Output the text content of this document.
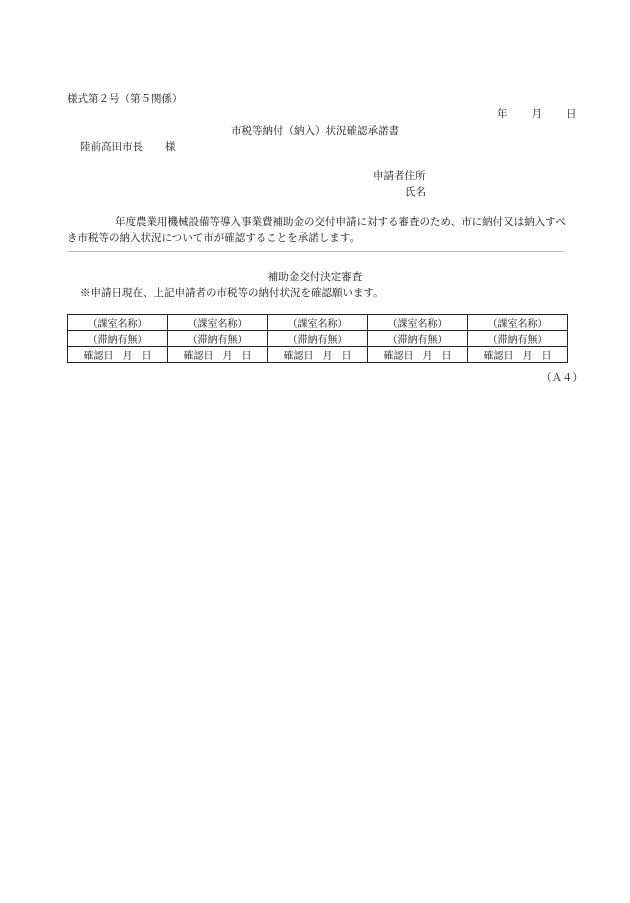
様式第２号（第５関係）
年 月 日
市税等納付（納入）状況確認承諾書
陸前高田市長 様
申請者住所
氏名
年度農業用機械設備等導入事業費補助金の交付申請に対する審査のため、市に納付又は納入すべき市税等の納入状況について市が確認することを承諾します。
補助金交付決定審査
※申請日現在、上記申請者の市税等の納付状況を確認願います。
（課室名称）	（課室名称）	（課室名称）	（課室名称）	（課室名称）
（滞納有無）	（滞納有無）	（滞納有無）	（滞納有無）	（滞納有無）
確認日 月 日	確認日 月 日	確認日 月 日	確認日 月 日	確認日 月 日
（Ａ４）
